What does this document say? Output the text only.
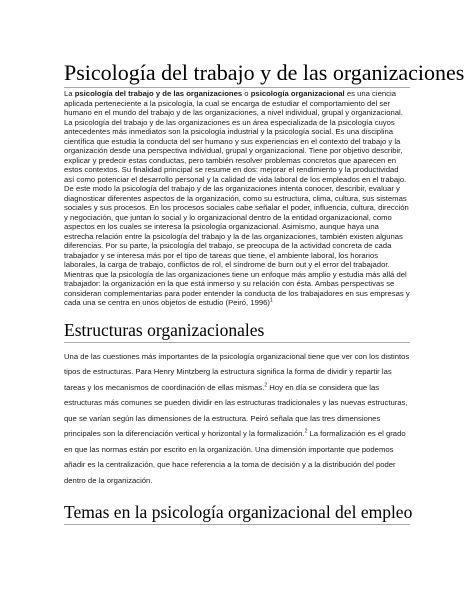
Psicología del trabajo y de las organizaciones

La psicología del trabajo y de las organizaciones o psicología organizacional es una ciencia aplicada perteneciente a la psicología, la cual se encarga de estudiar el comportamiento del ser humano en el mundo del trabajo y de las organizaciones, a nivel individual, grupal y organizacional.

La psicología del trabajo y de las organizaciones es un área especializada de la psicología cuyos antecedentes más inmediatos son la psicología industrial y la psicología social. Es una disciplina científica que estudia la conducta del ser humano y sus experiencias en el contexto del trabajo y la organización desde una perspectiva individual, grupal y organizacional. Tiene por objetivo describir, explicar y predecir estas conductas, pero también resolver problemas concretos que aparecen en estos contextos. Su finalidad principal se resume en dos: mejorar el rendimiento y la productividad así como potenciar el desarrollo personal y la calidad de vida laboral de los empleados en el trabajo. De este modo la psicología del trabajo y de las organizaciones intenta conocer, describir, evaluar y diagnosticar diferentes aspectos de la organización, como su estructura, clima, cultura, sus sistemas sociales y sus procesos. En los procesos sociales cabe señalar el poder, influencia, cultura, dirección y negociación, que juntan lo social y lo organizacional dentro de la entidad organizacional, como aspectos en los cuales se interesa la psicología organizacional. Asimismo, aunque haya una estrecha relación entre la psicología del trabajo y la de las organizaciones, también existen algunas diferencias. Por su parte, la psicología del trabajo, se preocupa de la actividad concreta de cada trabajador y se interesa más por el tipo de tareas que tiene, el ambiente laboral, los horarios laborales, la carga de trabajo, conflictos de rol, el síndrome de burn out y el error del trabajador. Mientras que la psicología de las organizaciones tiene un enfoque más amplio y estudia más allá del trabajador: la organización en la que está inmerso y su relación con ésta. Ambas perspectivas se consideran complementarias para poder entender la conducta de los trabajadores en sus empresas y cada una se centra en unos objetos de estudio (Peiró, 1996)$^1$

Estructuras organizacionales

Una de las cuestiones más importantes de la psicología organizacional tiene que ver con los distintos tipos de estructuras. Para Henry Mintzberg la estructura significa la forma de dividir y repartir las tareas y los mecanismos de coordinación de ellas mismas.$^2$ Hoy en día se considera que las estructuras más comunes se pueden dividir en las estructuras tradicionales y las nuevas estructuras, que se varían según las dimensiones de la estructura. Peiró señala que las tres dimensiones principales son la diferenciación vertical y horizontal y la formalización.$^2$ La formalización es el grado en que las normas están por escrito en la organización. Una dimensión importante que podemos añadir es la centralización, que hace referencia a la toma de decisión y a la distribución del poder dentro de la organización.

Temas en la psicología organizacional del empleo
